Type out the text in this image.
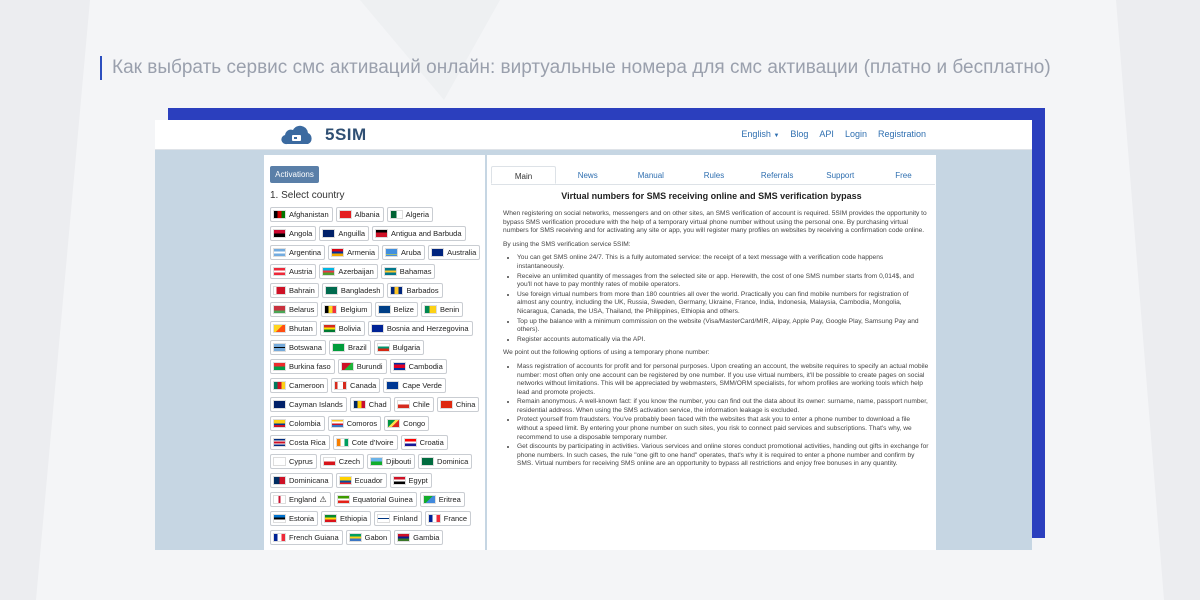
Как выбрать сервис смс активаций онлайн: виртуальные номера для смс активации (платно и бесплатно)
5SIM	English ▼ Blog API Login Registration
Activations
1. Select country
Afghanistan	Albania	Algeria
Angola	Anguilla	Antigua and Barbuda
Argentina	Armenia	Aruba	Australia
Austria	Azerbaijan	Bahamas
Bahrain	Bangladesh	Barbados
Belarus	Belgium	Belize	Benin
Bhutan	Bolivia	Bosnia and Herzegovina
Botswana	Brazil	Bulgaria
Burkina faso	Burundi	Cambodia
Cameroon	Canada	Cape Verde
Cayman Islands	Chad	Chile	China
Colombia	Comoros	Congo
Costa Rica	Cote d'Ivoire	Croatia
Cyprus	Czech	Djibouti	Dominica
Dominicana	Ecuador	Egypt
England ⚠	Equatorial Guinea	Eritrea
Estonia	Ethiopia	Finland	France
French Guiana	Gabon	Gambia
Main	News	Manual	Rules	Referrals	Support	Free
Virtual numbers for SMS receiving online and SMS verification bypass

When registering on social networks, messengers and on other sites, an SMS verification of account is required. 5SIM provides the opportunity to bypass SMS verification procedure with the help of a temporary virtual phone number without using the personal one. By purchasing virtual numbers for SMS receiving and for activating any site or app, you will register many profiles on websites by receiving a confirmation code online.

By using the SMS verification service 5SIM:

• You can get SMS online 24/7. This is a fully automated service: the receipt of a text message with a verification code happens instantaneously.
• Receive an unlimited quantity of messages from the selected site or app. Herewith, the cost of one SMS number starts from 0,014$, and you'll not have to pay monthly rates of mobile operators.
• Use foreign virtual numbers from more than 180 countries all over the world. Practically you can find mobile numbers for registration of almost any country, including the UK, Russia, Sweden, Germany, Ukraine, France, India, Indonesia, Malaysia, Cambodia, Mongolia, Nicaragua, Canada, the USA, Thailand, the Philippines, Ethiopia and others.
• Top up the balance with a minimum commission on the website (Visa/MasterCard/MIR, Alipay, Apple Pay, Google Play, Samsung Pay and others).
• Register accounts automatically via the API.

We point out the following options of using a temporary phone number:

• Mass registration of accounts for profit and for personal purposes. Upon creating an account, the website requires to specify an actual mobile number: most often only one account can be registered by one number. If you use virtual numbers, it'll be possible to create pages on social networks without limitations. This will be appreciated by webmasters, SMM/ORM specialists, for whom profiles are working tools which help lead and promote projects.
• Remain anonymous. A well-known fact: if you know the number, you can find out the data about its owner: surname, name, passport number, residential address. When using the SMS activation service, the information leakage is excluded.
• Protect yourself from fraudsters. You've probably been faced with the websites that ask you to enter a phone number to download a file without a speed limit. By entering your phone number on such sites, you risk to connect paid services and subscriptions. That's why, we recommend to use a disposable temporary number.
• Get discounts by participating in activities. Various services and online stores conduct promotional activities, handing out gifts in exchange for phone numbers. In such cases, the rule "one gift to one hand" operates, that's why it is required to enter a phone number and confirm by SMS. Virtual numbers for receiving SMS online are an opportunity to bypass all restrictions and enjoy free bonuses in any quantity.
